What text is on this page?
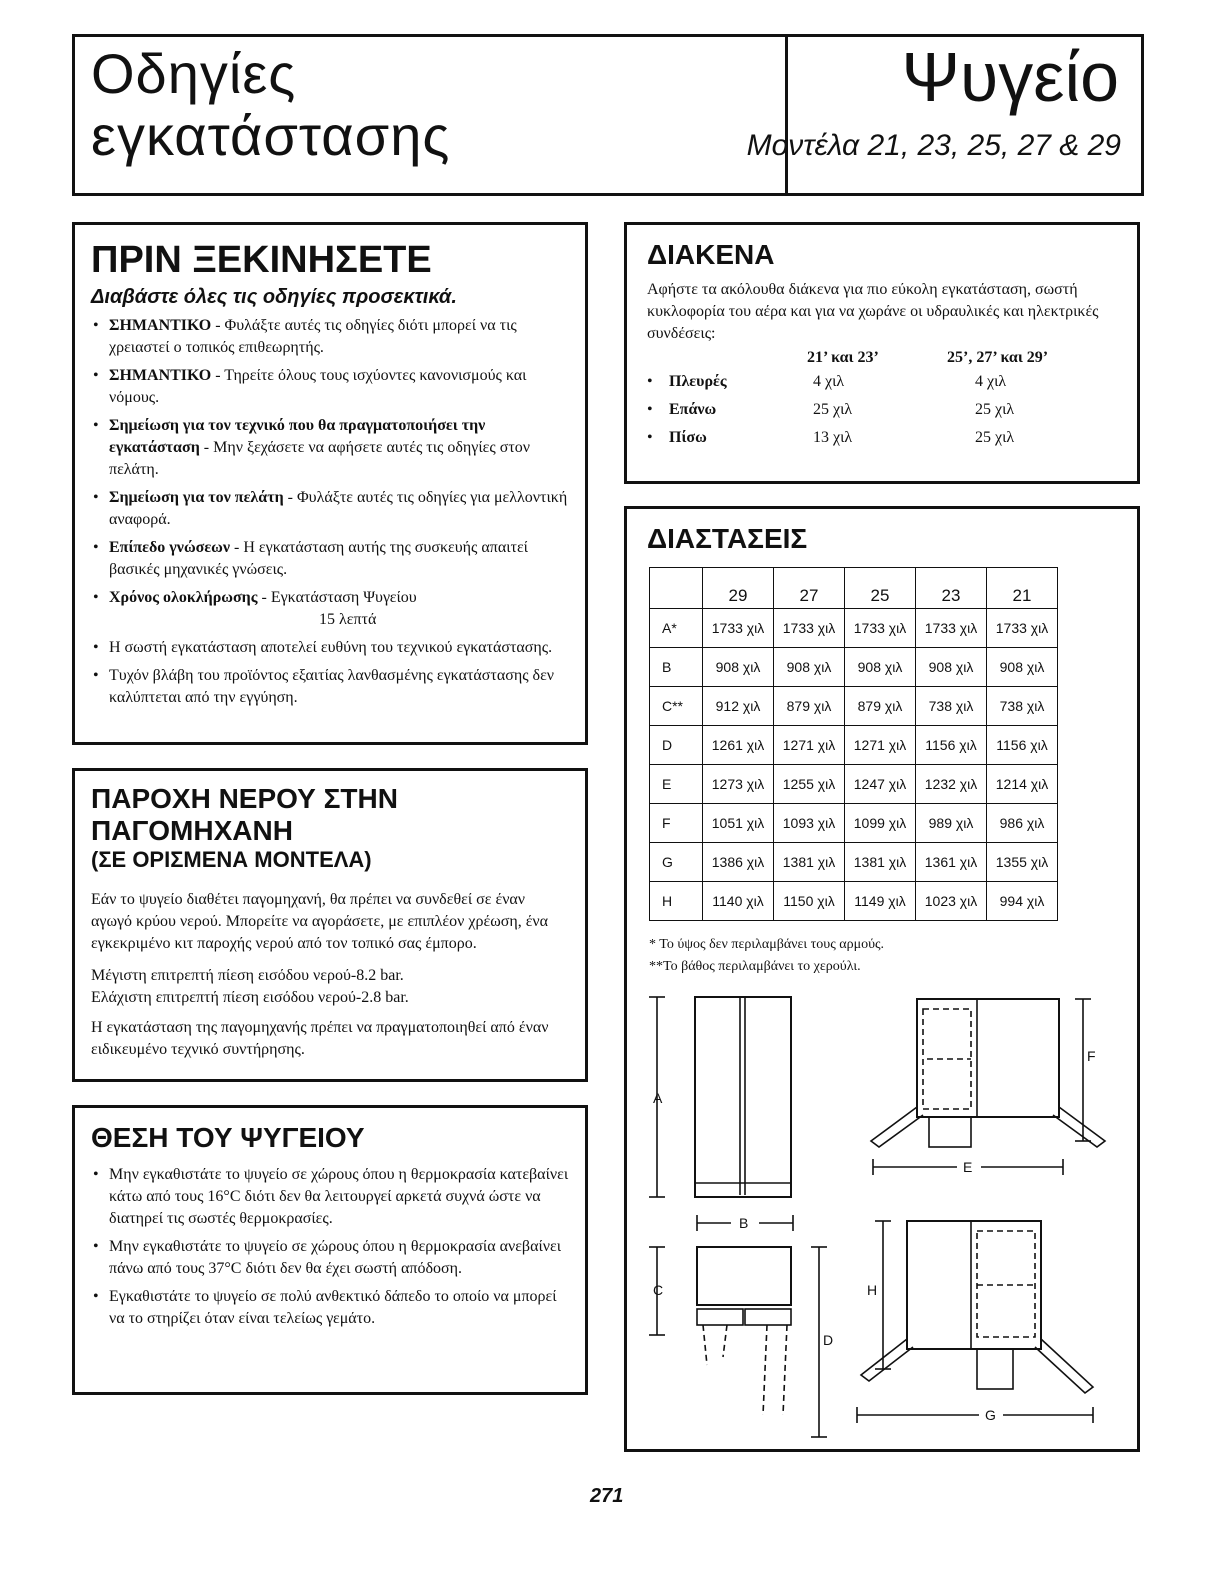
Οδηγίες
εγκατάστασης
Ψυγείο
Μοντέλα 21, 23, 25, 27 & 29
ΠΡΙΝ ΞΕΚΙΝΗΣΕΤΕ
Διαβάστε όλες τις οδηγίες προσεκτικά.
• ΣΗΜΑΝΤΙΚΟ - Φυλάξτε αυτές τις οδηγίες διότι μπορεί να τις χρειαστεί ο τοπικός επιθεωρητής.
• ΣΗΜΑΝΤΙΚΟ - Τηρείτε όλους τους ισχύοντες κανονισμούς και νόμους.
• Σημείωση για τον τεχνικό που θα πραγματοποιήσει την εγκατάσταση - Μην ξεχάσετε να αφήσετε αυτές τις οδηγίες στον πελάτη.
• Σημείωση για τον πελάτη - Φυλάξτε αυτές τις οδηγίες για μελλοντική αναφορά.
• Επίπεδο γνώσεων - Η εγκατάσταση αυτής της συσκευής απαιτεί βασικές μηχανικές γνώσεις.
• Χρόνος ολοκλήρωσης - Εγκατάσταση Ψυγείου
15 λεπτά
• Η σωστή εγκατάσταση αποτελεί ευθύνη του τεχνικού εγκατάστασης.
• Τυχόν βλάβη του προϊόντος εξαιτίας λανθασμένης εγκατάστασης δεν καλύπτεται από την εγγύηση.
ΠΑΡΟΧΗ ΝΕΡΟΥ ΣΤΗΝ ΠΑΓΟΜΗΧΑΝΗ
(ΣΕ ΟΡΙΣΜΕΝΑ ΜΟΝΤΕΛΑ)

Εάν το ψυγείο διαθέτει παγομηχανή, θα πρέπει να συνδεθεί σε έναν αγωγό κρύου νερού. Μπορείτε να αγοράσετε, με επιπλέον χρέωση, ένα εγκεκριμένο κιτ παροχής νερού από τον τοπικό σας έμπορο.

Μέγιστη επιτρεπτή πίεση εισόδου νερού-8.2 bar.
Ελάχιστη επιτρεπτή πίεση εισόδου νερού-2.8 bar.

Η εγκατάσταση της παγομηχανής πρέπει να πραγματοποιηθεί από έναν ειδικευμένο τεχνικό συντήρησης.

ΘΕΣΗ ΤΟΥ ΨΥΓΕΙΟΥ
• Μην εγκαθιστάτε το ψυγείο σε χώρους όπου η θερμοκρασία κατεβαίνει κάτω από τους 16°C διότι δεν θα λειτουργεί αρκετά συχνά ώστε να διατηρεί τις σωστές θερμοκρασίες.
• Μην εγκαθιστάτε το ψυγείο σε χώρους όπου η θερμοκρασία ανεβαίνει πάνω από τους 37°C διότι δεν θα έχει σωστή απόδοση.
• Εγκαθιστάτε το ψυγείο σε πολύ ανθεκτικό δάπεδο το οποίο να μπορεί να το στηρίζει όταν είναι τελείως γεμάτο.
ΔΙΑΚΕΝΑ

Αφήστε τα ακόλουθα διάκενα για πιο εύκολη εγκατάσταση, σωστή κυκλοφορία του αέρα και για να χωράνε οι υδραυλικές και ηλεκτρικές συνδέσεις:

21’ και 23’	25’, 27’ και 29’
• Πλευρές	4 χιλ	4 χιλ
• Επάνω	25 χιλ	25 χιλ
• Πίσω	13 χιλ	25 χιλ
ΔΙΑΣΤΑΣΕΙΣ
	29	27	25	23	21
A*	1733 χιλ	1733 χιλ	1733 χιλ	1733 χιλ	1733 χιλ
B	908 χιλ	908 χιλ	908 χιλ	908 χιλ	908 χιλ
C**	912 χιλ	879 χιλ	879 χιλ	738 χιλ	738 χιλ
D	1261 χιλ	1271 χιλ	1271 χιλ	1156 χιλ	1156 χιλ
E	1273 χιλ	1255 χιλ	1247 χιλ	1232 χιλ	1214 χιλ
F	1051 χιλ	1093 χιλ	1099 χιλ	989 χιλ	986 χιλ
G	1386 χιλ	1381 χιλ	1381 χιλ	1361 χιλ	1355 χιλ
H	1140 χιλ	1150 χιλ	1149 χιλ	1023 χιλ	994 χιλ
* Το ύψος δεν περιλαμβάνει τους αρμούς.
**Το βάθος περιλαμβάνει το χερούλι.
A
B
C
D
E
F
G
H
271
